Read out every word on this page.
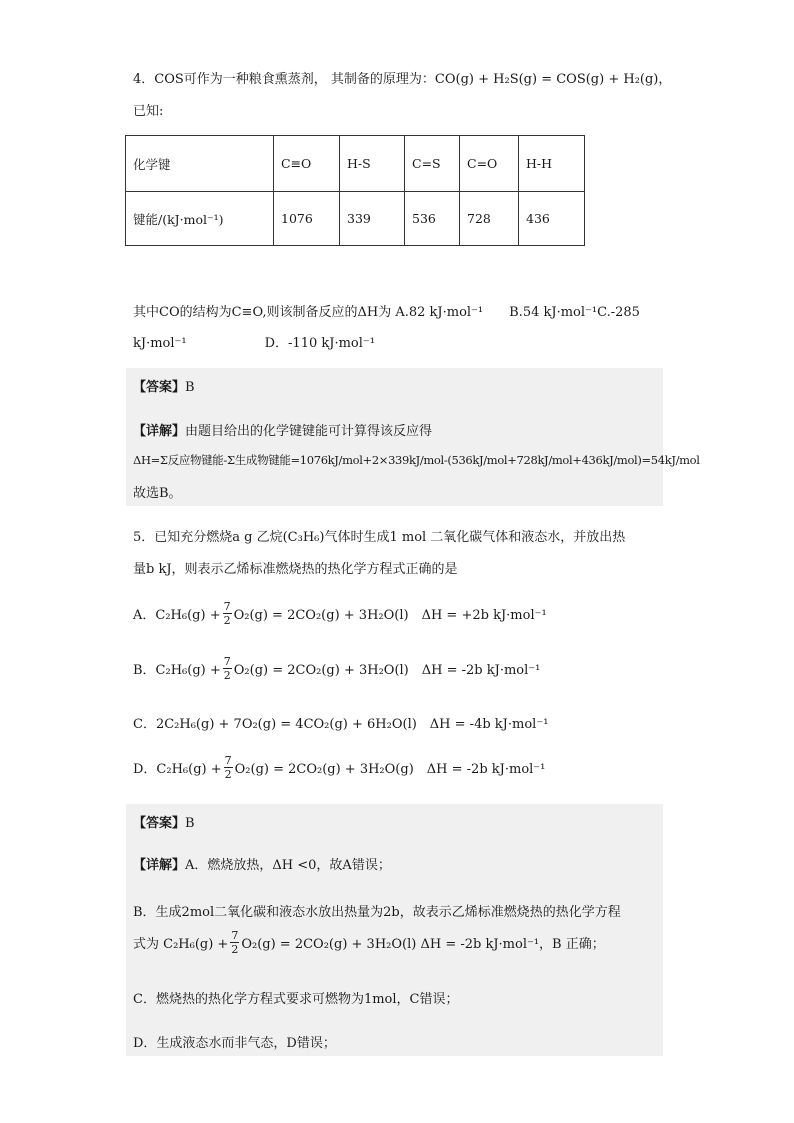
4．COS可作为一种粮食熏蒸剂， 其制备的原理为：CO(g) + H₂S(g) = COS(g) + H₂(g)，
已知:
化学键	C≡O	H-S	C=S	C=O	H-H
键能/(kJ·mol⁻¹)	1076	339	536	728	436
其中CO的结构为C≡O,则该制备反应的ΔH为 A.82 kJ·mol⁻¹　　B.54 kJ·mol⁻¹C.-285
kJ·mol⁻¹　　　　　　D．-110 kJ·mol⁻¹
【答案】B
【详解】由题目给出的化学键键能可计算得该反应得
ΔH=Σ反应物键能-Σ生成物键能=1076kJ/mol+2×339kJ/mol-(536kJ/mol+728kJ/mol+436kJ/mol)=54kJ/mol
故选B。
5．已知充分燃烧a g 乙烷(C₃H₆)气体时生成1 mol 二氧化碳气体和液态水，并放出热
量b kJ，则表示乙烯标准燃烧热的热化学方程式正确的是
A．$C_2H_6(g) + \frac{7}{2} O_2(g) = 2CO_2(g) + 3H_2O(l)$　ΔH = +2b kJ·mol⁻¹
B．$C_2H_6(g) + \frac{7}{2} O_2(g) = 2CO_2(g) + 3H_2O(l)$　ΔH = -2b kJ·mol⁻¹
C．2C₂H₆(g) + 7O₂(g) = 4CO₂(g) + 6H₂O(l)　ΔH = -4b kJ·mol⁻¹
D．$C_2H_6(g) + \frac{7}{2} O_2(g) = 2CO_2(g) + 3H_2O(g)$　ΔH = -2b kJ·mol⁻¹
【答案】B
【详解】A．燃烧放热，ΔH <0，故A错误；
B．生成2mol二氧化碳和液态水放出热量为2b，故表示乙烯标准燃烧热的热化学方程
式为 $C_2H_6(g) + \frac{7}{2} O_2(g) = 2CO_2(g) + 3H_2O(l) \Delta H = -2b$ kJ·mol⁻¹，B 正确；
C．燃烧热的热化学方程式要求可燃物为1mol，C错误；
D．生成液态水而非气态，D错误；
